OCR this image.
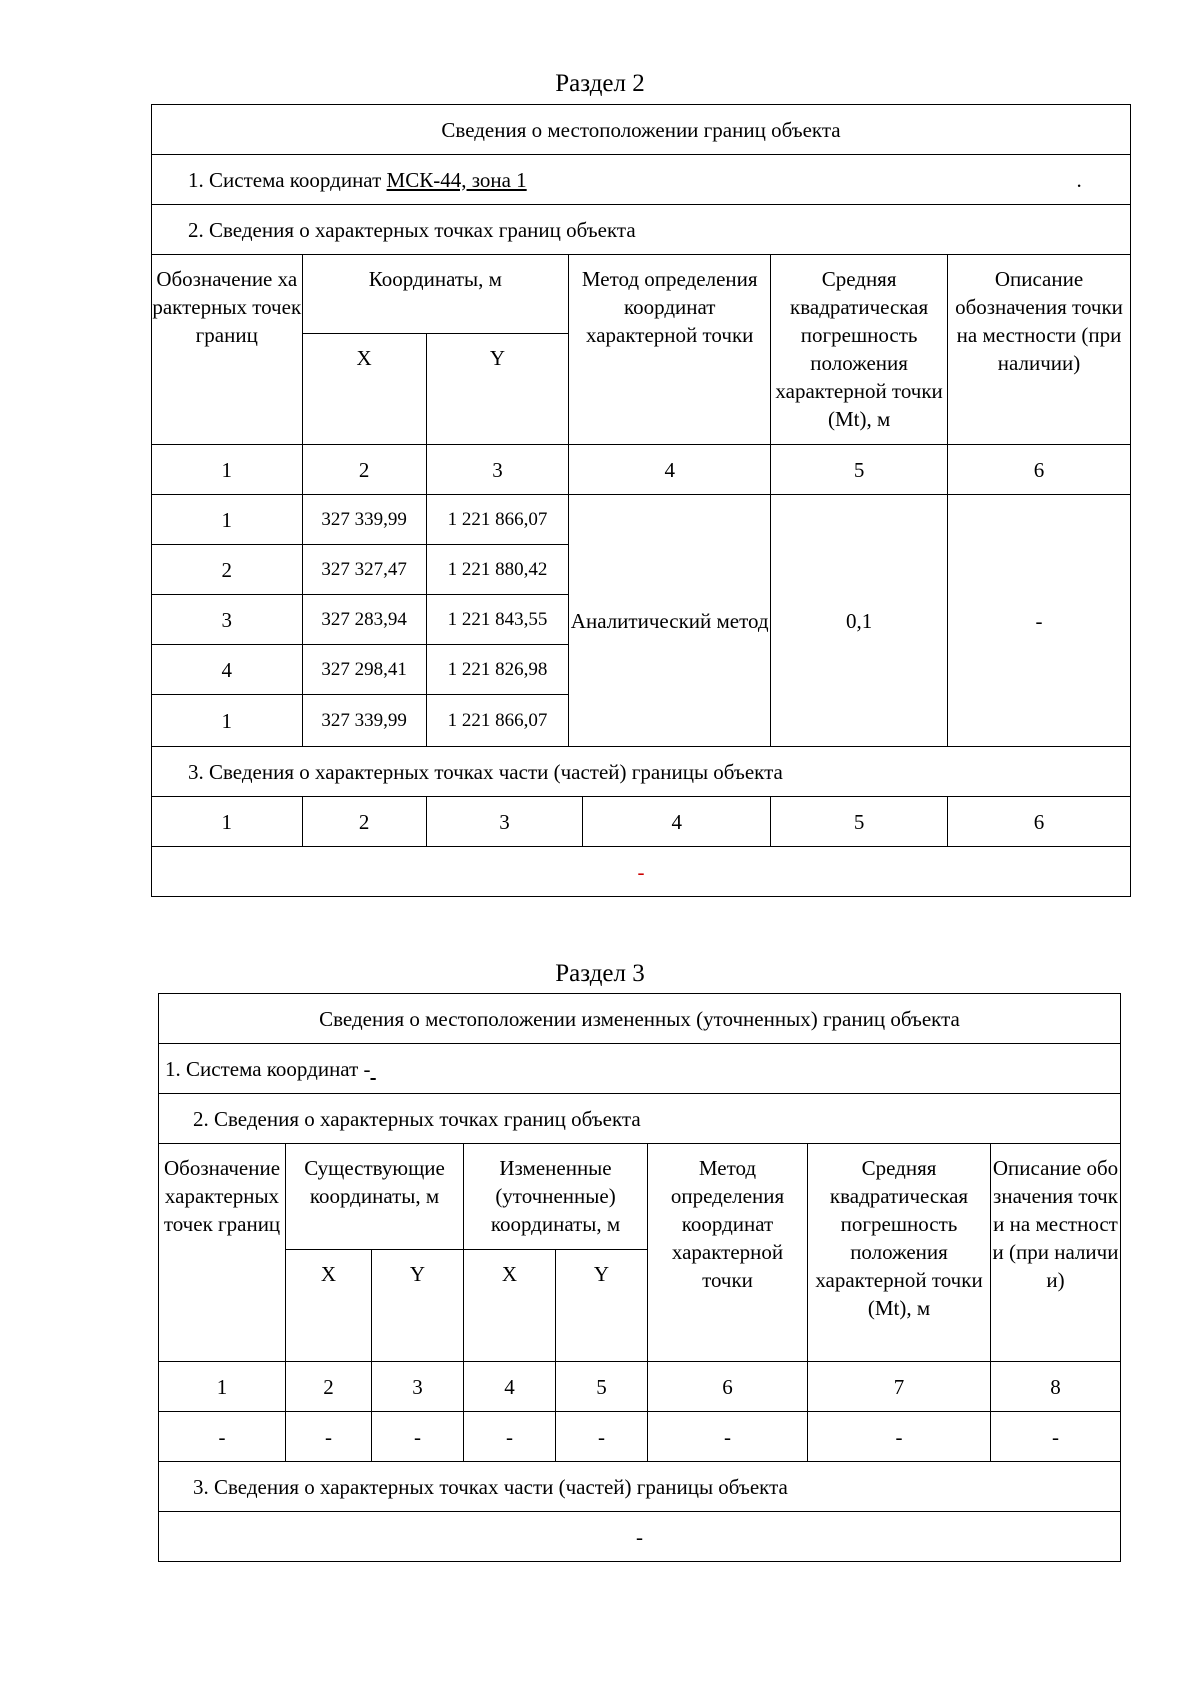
Раздел 2
Сведения о местоположении границ объекта						
1. Система координат МСК-44, зона 1 .						
2. Сведения о характерных точках границ объекта						
Обозначение характерных точек границ	Координаты, м		Метод определения координат характерной точки		Средняя квадратическая погрешность положения характерной точки (Mt), м	Описание обозначения точки на местности (при наличии)
	X	Y				
1	2	3	4		5	6
1	327 339,99	1 221 866,07	Аналитический метод		0,1	-
2	327 327,47	1 221 880,42				
3	327 283,94	1 221 843,55				
4	327 298,41	1 221 826,98				
1	327 339,99	1 221 866,07				
3. Сведения о характерных точках части (частей) границы объекта						
1	2	3		4	5	6
-						
Раздел 3
Сведения о местоположении измененных (уточненных) границ объекта							
1. Система координат -							
2. Сведения о характерных точках границ объекта							
Обозначение характерных точек границ	Существующие координаты, м		Измененные (уточненные) координаты, м		Метод определения координат характерной точки	Средняя квадратическая погрешность положения характерной точки (Mt), м	Описание обозначения точки на местности (при наличии)
	X	Y	X	Y			
1	2	3	4	5	6	7	8
-	-	-	-	-	-	-	-
3. Сведения о характерных точках части (частей) границы объекта							
-							
